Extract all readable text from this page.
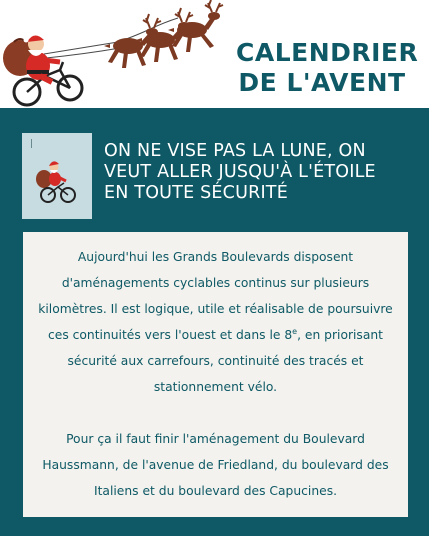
CALENDRIER
DE L'AVENT
ON NE VISE PAS LA LUNE, ON
VEUT ALLER JUSQU'À L'ÉTOILE
EN TOUTE SÉCURITÉ

Aujourd'hui les Grands Boulevards disposent
d'aménagements cyclables continus sur plusieurs
kilomètres. Il est logique, utile et réalisable de poursuivre
ces continuités vers l'ouest et dans le 8e, en priorisant
sécurité aux carrefours, continuité des tracés et
stationnement vélo.

Pour ça il faut finir l'aménagement du Boulevard
Haussmann, de l'avenue de Friedland, du boulevard des
Italiens et du boulevard des Capucines.
